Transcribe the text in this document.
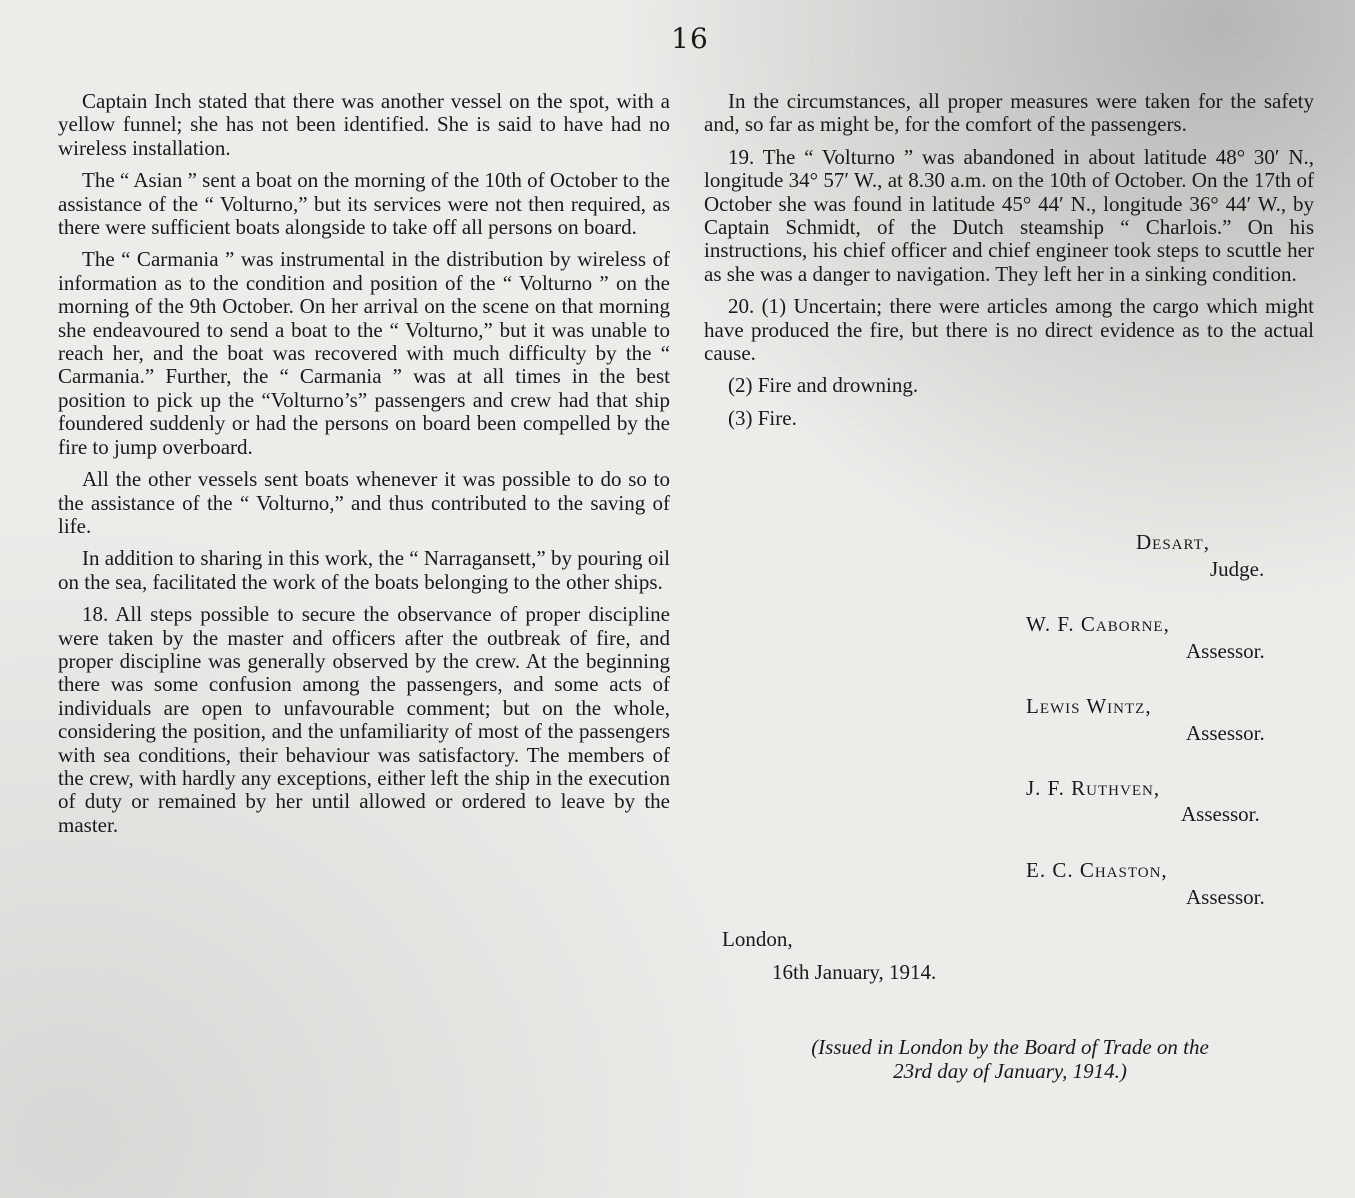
16

Captain Inch stated that there was another vessel on the spot, with a yellow funnel; she has not been identified. She is said to have had no wireless installation.

The “ Asian ” sent a boat on the morning of the 10th of October to the assistance of the “ Volturno,” but its services were not then required, as there were sufficient boats alongside to take off all persons on board.

The “ Carmania ” was instrumental in the distribution by wireless of information as to the condition and position of the “ Volturno ” on the morning of the 9th October. On her arrival on the scene on that morning she endeavoured to send a boat to the “ Volturno,” but it was unable to reach her, and the boat was recovered with much difficulty by the “ Carmania.” Further, the “ Carmania ” was at all times in the best position to pick up the “Volturno’s” passengers and crew had that ship foundered suddenly or had the persons on board been compelled by the fire to jump overboard.

All the other vessels sent boats whenever it was possible to do so to the assistance of the “ Volturno,” and thus contributed to the saving of life.

In addition to sharing in this work, the “ Narragansett,” by pouring oil on the sea, facilitated the work of the boats belonging to the other ships.

18. All steps possible to secure the observance of proper discipline were taken by the master and officers after the outbreak of fire, and proper discipline was generally observed by the crew. At the beginning there was some confusion among the passengers, and some acts of individuals are open to unfavourable comment; but on the whole, considering the position, and the unfamiliarity of most of the passengers with sea conditions, their behaviour was satisfactory. The members of the crew, with hardly any exceptions, either left the ship in the execution of duty or remained by her until allowed or ordered to leave by the master.

In the circumstances, all proper measures were taken for the safety and, so far as might be, for the comfort of the passengers.

19. The “ Volturno ” was abandoned in about latitude 48° 30′ N., longitude 34° 57′ W., at 8.30 a.m. on the 10th of October. On the 17th of October she was found in latitude 45° 44′ N., longitude 36° 44′ W., by Captain Schmidt, of the Dutch steamship “ Charlois.” On his instructions, his chief officer and chief engineer took steps to scuttle her as she was a danger to navigation. They left her in a sinking condition.

20. (1) Uncertain; there were articles among the cargo which might have produced the fire, but there is no direct evidence as to the actual cause.

(2) Fire and drowning.

(3) Fire.

Desart,
Judge.
W. F. Caborne,
Assessor.
Lewis Wintz,
Assessor.
J. F. Ruthven,
Assessor.
E. C. Chaston,
Assessor.
London,
16th January, 1914.
(Issued in London by the Board of Trade on the
23rd day of January, 1914.)
